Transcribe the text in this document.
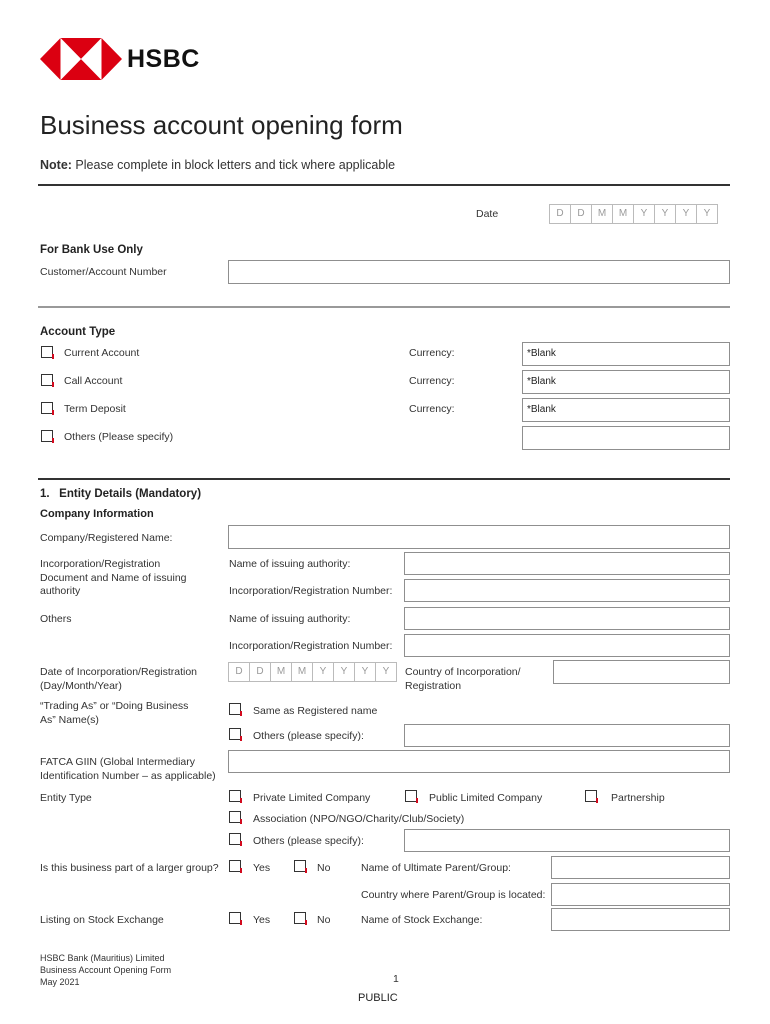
HSBC
Business account opening form
Note: Please complete in block letters and tick where applicable
Date	D	D	M	M	Y	Y	Y	Y
For Bank Use Only
Customer/Account Number
Account Type
Current Account	Currency:	*Blank
Call Account	Currency:	*Blank
Term Deposit	Currency:	*Blank
Others (Please specify)
1.   Entity Details (Mandatory)
Company Information
Company/Registered Name:
Incorporation/Registration Document and Name of issuing authority
Name of issuing authority:
Incorporation/Registration Number:
Others	Name of issuing authority:
Incorporation/Registration Number:
Date of Incorporation/Registration (Day/Month/Year)
D	D	M	M	Y	Y	Y	Y	Country of Incorporation/ Registration
“Trading As” or “Doing Business As” Name(s)
Same as Registered name
Others (please specify):
FATCA GIIN (Global Intermediary Identification Number – as applicable)
Entity Type	Private Limited Company	Public Limited Company	Partnership
Association (NPO/NGO/Charity/Club/Society)
Others (please specify):
Is this business part of a larger group?	Yes	No	Name of Ultimate Parent/Group:
Country where Parent/Group is located:
Listing on Stock Exchange	Yes	No	Name of Stock Exchange:
HSBC Bank (Mauritius) Limited
Business Account Opening Form
May 2021	1
PUBLIC
